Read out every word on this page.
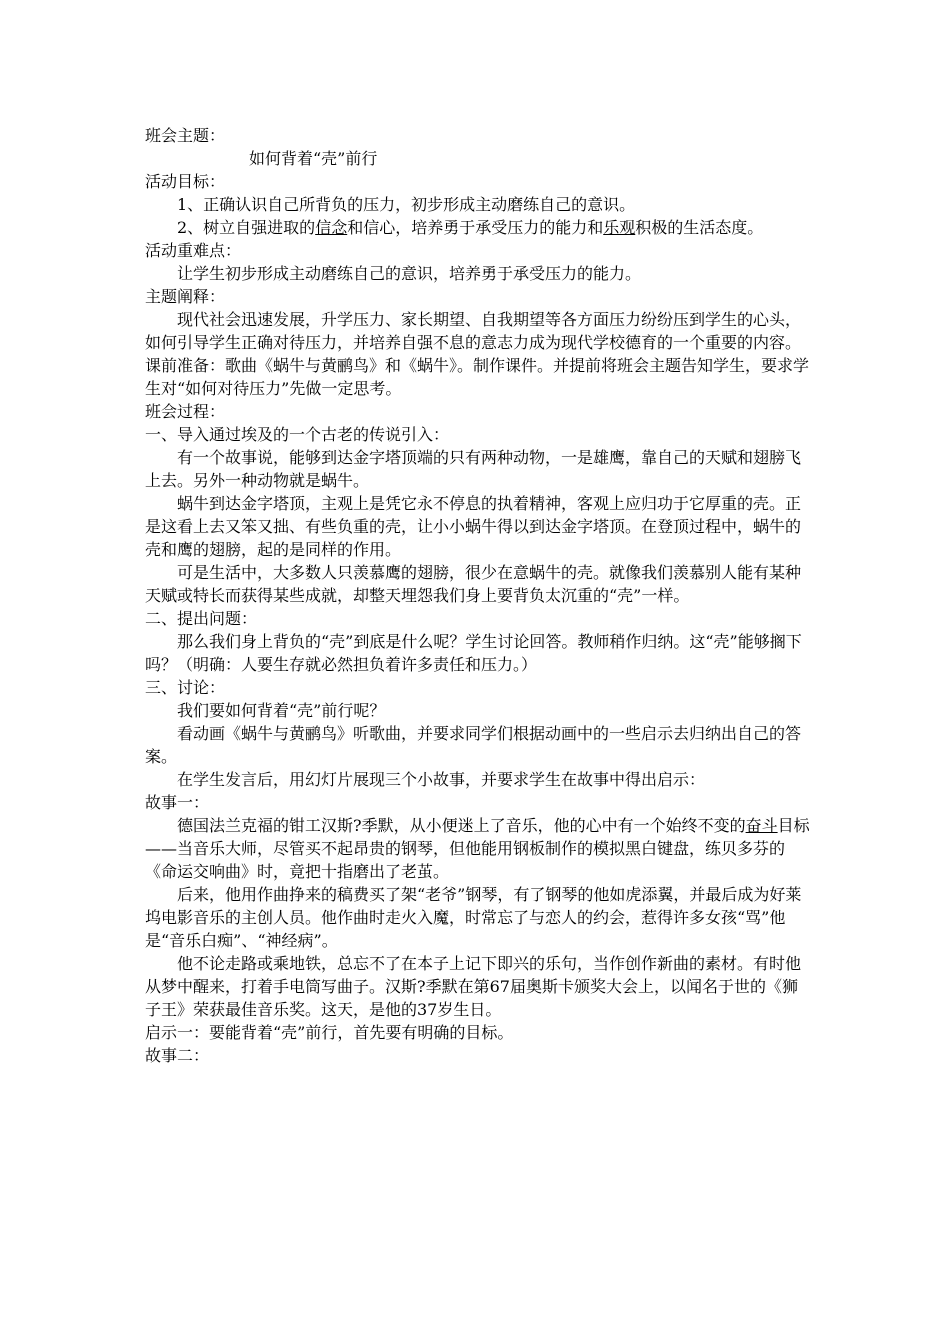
班会主题：

如何背着“壳”前行

活动目标：

1、正确认识自己所背负的压力，初步形成主动磨练自己的意识。

2、树立自强进取的信念和信心，培养勇于承受压力的能力和乐观积极的生活态度。

活动重难点：

让学生初步形成主动磨练自己的意识，培养勇于承受压力的能力。

主题阐释：

现代社会迅速发展，升学压力、家长期望、自我期望等各方面压力纷纷压到学生的心头，如何引导学生正确对待压力，并培养自强不息的意志力成为现代学校德育的一个重要的内容。

课前准备：歌曲《蜗牛与黄鹂鸟》和《蜗牛》。制作课件。并提前将班会主题告知学生，要求学生对“如何对待压力”先做一定思考。

班会过程：

一、导入通过埃及的一个古老的传说引入：

有一个故事说，能够到达金字塔顶端的只有两种动物，一是雄鹰，靠自己的天赋和翅膀飞上去。另外一种动物就是蜗牛。

蜗牛到达金字塔顶，主观上是凭它永不停息的执着精神，客观上应归功于它厚重的壳。正是这看上去又笨又拙、有些负重的壳，让小小蜗牛得以到达金字塔顶。在登顶过程中，蜗牛的壳和鹰的翅膀，起的是同样的作用。

可是生活中，大多数人只羡慕鹰的翅膀，很少在意蜗牛的壳。就像我们羡慕别人能有某种天赋或特长而获得某些成就，却整天埋怨我们身上要背负太沉重的“壳”一样。

二、提出问题：

那么我们身上背负的“壳”到底是什么呢？学生讨论回答。教师稍作归纳。这“壳”能够搁下吗？（明确：人要生存就必然担负着许多责任和压力。）

三、讨论：

我们要如何背着“壳”前行呢？

看动画《蜗牛与黄鹂鸟》听歌曲，并要求同学们根据动画中的一些启示去归纳出自己的答案。

在学生发言后，用幻灯片展现三个小故事，并要求学生在故事中得出启示：

故事一：

德国法兰克福的钳工汉斯?季默，从小便迷上了音乐，他的心中有一个始终不变的奋斗目标——当音乐大师，尽管买不起昂贵的钢琴，但他能用钢板制作的模拟黑白键盘，练贝多芬的《命运交响曲》时，竟把十指磨出了老茧。

后来，他用作曲挣来的稿费买了架“老爷”钢琴，有了钢琴的他如虎添翼，并最后成为好莱坞电影音乐的主创人员。他作曲时走火入魔，时常忘了与恋人的约会，惹得许多女孩“骂”他是“音乐白痴”、“神经病”。

他不论走路或乘地铁，总忘不了在本子上记下即兴的乐句，当作创作新曲的素材。有时他从梦中醒来，打着手电筒写曲子。汉斯?季默在第67届奥斯卡颁奖大会上，以闻名于世的《狮子王》荣获最佳音乐奖。这天，是他的37岁生日。

启示一：要能背着“壳”前行，首先要有明确的目标。

故事二：
